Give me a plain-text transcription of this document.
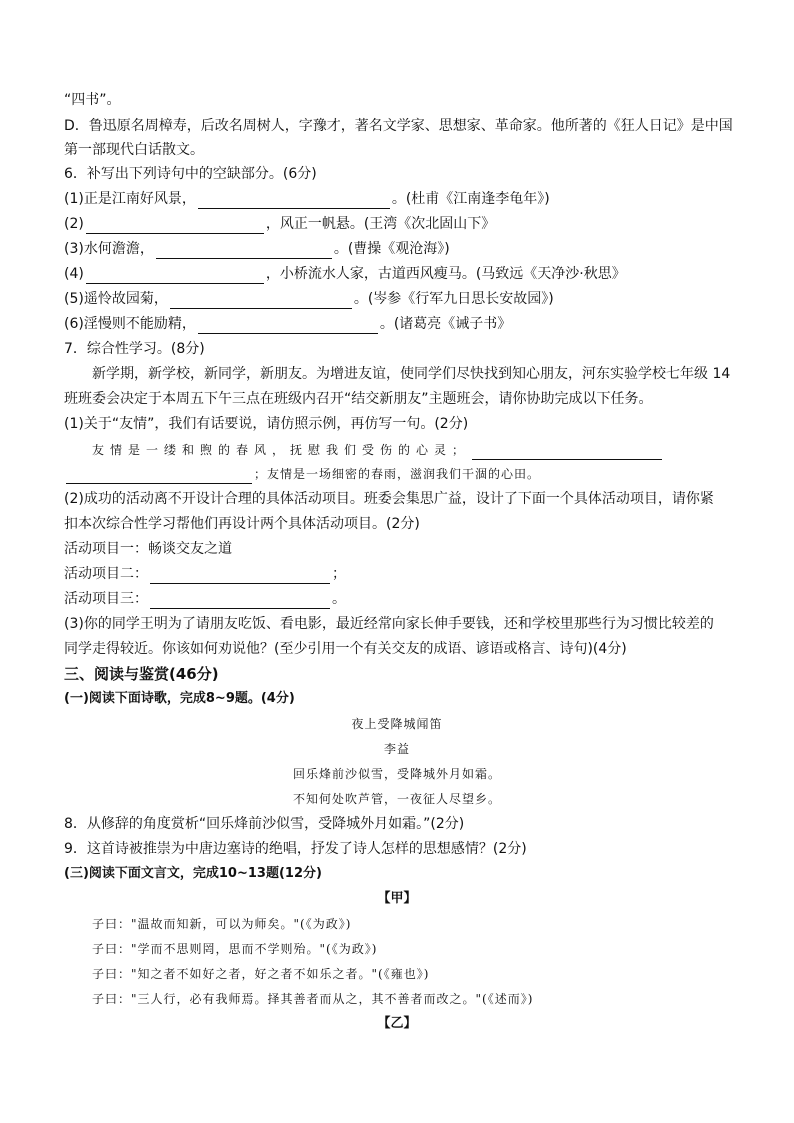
“四书”。
D．鲁迅原名周樟寿，后改名周树人，字豫才，著名文学家、思想家、革命家。他所著的《狂人日记》是中国
第一部现代白话散文。
6．补写出下列诗句中的空缺部分。(6分)
(1)正是江南好风景，	。(杜甫《江南逢李龟年》)
(2)	，风正一帆悬。(王湾《次北固山下》
(3)水何澹澹，	。(曹操《观沧海》)
(4)	，小桥流水人家，古道西风瘦马。(马致远《天净沙·秋思》
(5)遥怜故园菊，	。(岑参《行军九日思长安故园》)
(6)淫慢则不能励精，	。(诸葛亮《诫子书》
7．综合性学习。(8分)
新学期，新学校，新同学，新朋友。为增进友谊，使同学们尽快找到知心朋友，河东实验学校七年级 14
班班委会决定于本周五下午三点在班级内召开“结交新朋友”主题班会，请你协助完成以下任务。
(1)关于“友情”，我们有话要说，请仿照示例，再仿写一句。(2分)
友情是一缕和煦的春风，抚慰我们受伤的心灵；
；友情是一场细密的春雨，滋润我们干涸的心田。
(2)成功的活动离不开设计合理的具体活动项目。班委会集思广益，设计了下面一个具体活动项目，请你紧
扣本次综合性学习帮他们再设计两个具体活动项目。(2分)
活动项目一：畅谈交友之道
活动项目二：	；
活动项目三：	。
(3)你的同学王明为了请朋友吃饭、看电影，最近经常向家长伸手要钱，还和学校里那些行为习惯比较差的
同学走得较近。你该如何劝说他？(至少引用一个有关交友的成语、谚语或格言、诗句)(4分)
三、阅读与鉴赏(46分)
(一)阅读下面诗歌，完成8~9题。(4分)
夜上受降城闻笛
李益
回乐烽前沙似雪，受降城外月如霜。
不知何处吹芦管，一夜征人尽望乡。
8．从修辞的角度赏析“回乐烽前沙似雪，受降城外月如霜。”(2分)
9．这首诗被推崇为中唐边塞诗的绝唱，抒发了诗人怎样的思想感情？(2分)
(三)阅读下面文言文，完成10~13题(12分)
【甲】
子曰："温故而知新，可以为师矣。"(《为政》)
子曰："学而不思则罔，思而不学则殆。"(《为政》)
子曰："知之者不如好之者，好之者不如乐之者。"(《雍也》)
子曰："三人行，必有我师焉。择其善者而从之，其不善者而改之。"(《述而》)
【乙】
